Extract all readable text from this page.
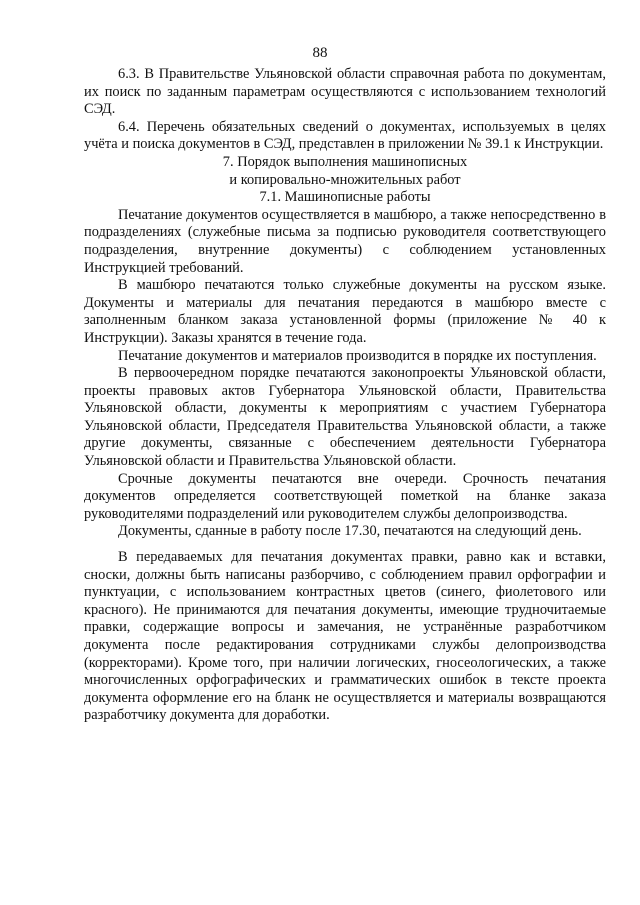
88

6.3. В Правительстве Ульяновской области справочная работа по документам, их поиск по заданным параметрам осуществляются с использованием технологий СЭД.

6.4. Перечень обязательных сведений о документах, используемых в целях учёта и поиска документов в СЭД, представлен в приложении № 39.1 к Инструкции.

7. Порядок выполнения машинописных
и копировально-множительных работ

7.1. Машинописные работы

Печатание документов осуществляется в машбюро, а также непосредственно в подразделениях (служебные письма за подписью руководителя соответствующего подразделения, внутренние документы) с соблюдением установленных Инструкцией требований.

В машбюро печатаются только служебные документы на русском языке. Документы и материалы для печатания передаются в машбюро вместе с заполненным бланком заказа установленной формы (приложение № 40 к Инструкции). Заказы хранятся в течение года.

Печатание документов и материалов производится в порядке их поступления.

В первоочередном порядке печатаются законопроекты Ульяновской области, проекты правовых актов Губернатора Ульяновской области, Правительства Ульяновской области, документы к мероприятиям с участием Губернатора Ульяновской области, Председателя Правительства Ульяновской области, а также другие документы, связанные с обеспечением деятельности Губернатора Ульяновской области и Правительства Ульяновской области.

Срочные документы печатаются вне очереди. Срочность печатания документов определяется соответствующей пометкой на бланке заказа руководителями подразделений или руководителем службы делопроизводства.

Документы, сданные в работу после 17.30, печатаются на следующий день.

В передаваемых для печатания документах правки, равно как и вставки, сноски, должны быть написаны разборчиво, с соблюдением правил орфографии и пунктуации, с использованием контрастных цветов (синего, фиолетового или красного). Не принимаются для печатания документы, имеющие трудночитаемые правки, содержащие вопросы и замечания, не устранённые разработчиком документа после редактирования сотрудниками службы делопроизводства (корректорами). Кроме того, при наличии логических, гносеологических, а также многочисленных орфографических и грамматических ошибок в тексте проекта документа оформление его на бланк не осуществляется и материалы возвращаются разработчику документа для доработки.
